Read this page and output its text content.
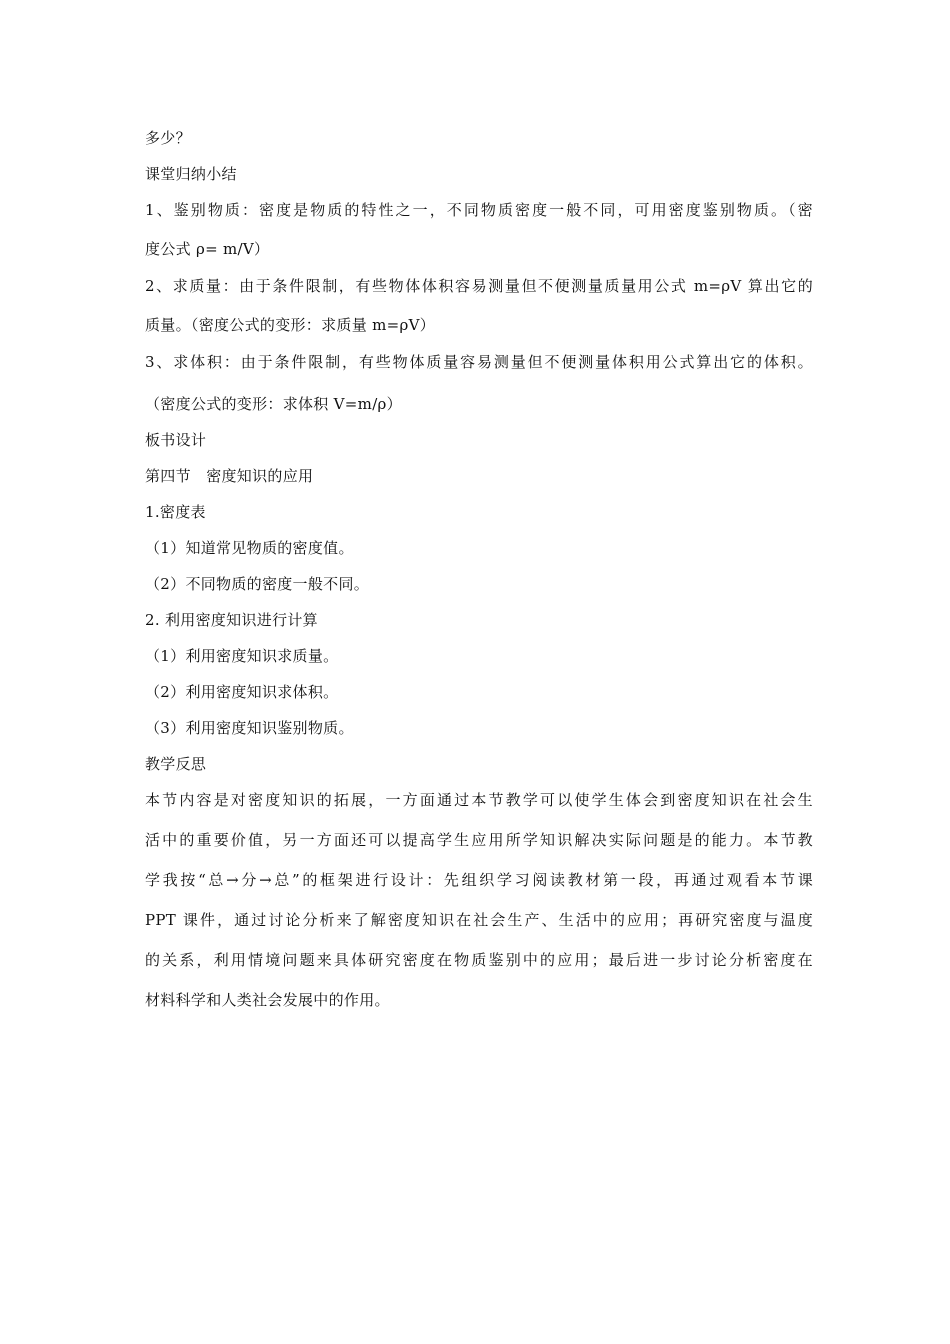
多少？
课堂归纳小结
1、鉴别物质：密度是物质的特性之一，不同物质密度一般不同，可用密度鉴别物质。（密
度公式 ρ= m/V）
2、求质量：由于条件限制，有些物体体积容易测量但不便测量质量用公式 m=ρV 算出它的
质量。（密度公式的变形：求质量 m=ρV）
3、求体积：由于条件限制，有些物体质量容易测量但不便测量体积用公式算出它的体积。
（密度公式的变形：求体积 V=m/ρ）
板书设计
第四节　密度知识的应用
1.密度表
（1）知道常见物质的密度值。
（2）不同物质的密度一般不同。
2. 利用密度知识进行计算
（1）利用密度知识求质量。
（2）利用密度知识求体积。
（3）利用密度知识鉴别物质。
教学反思
本节内容是对密度知识的拓展，一方面通过本节教学可以使学生体会到密度知识在社会生
活中的重要价值，另一方面还可以提高学生应用所学知识解决实际问题是的能力。本节教
学我按“总→分→总”的框架进行设计：先组织学习阅读教材第一段，再通过观看本节课
PPT 课件，通过讨论分析来了解密度知识在社会生产、生活中的应用；再研究密度与温度
的关系，利用情境问题来具体研究密度在物质鉴别中的应用；最后进一步讨论分析密度在
材料科学和人类社会发展中的作用。
